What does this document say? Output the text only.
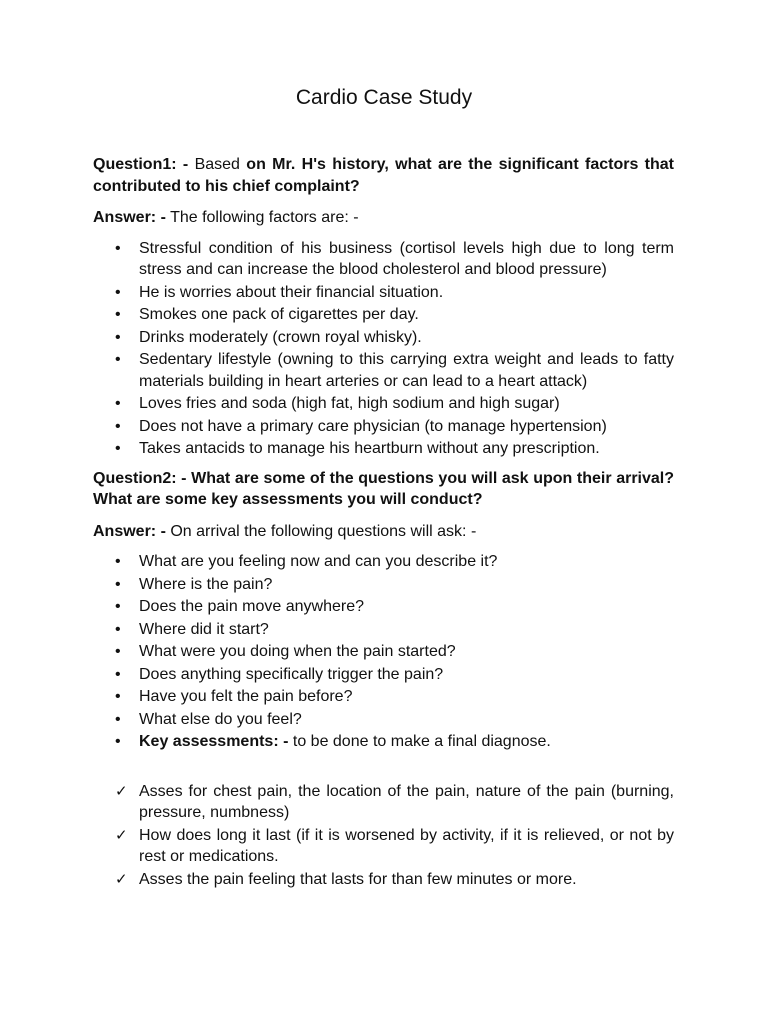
Cardio Case Study

Question1: - Based on Mr. H's history, what are the significant factors that contributed to his chief complaint?

Answer: - The following factors are: -

• Stressful condition of his business (cortisol levels high due to long term stress and can increase the blood cholesterol and blood pressure)
• He is worries about their financial situation.
• Smokes one pack of cigarettes per day.
• Drinks moderately (crown royal whisky).
• Sedentary lifestyle (owning to this carrying extra weight and leads to fatty materials building in heart arteries or can lead to a heart attack)
• Loves fries and soda (high fat, high sodium and high sugar)
• Does not have a primary care physician (to manage hypertension)
• Takes antacids to manage his heartburn without any prescription.

Question2: - What are some of the questions you will ask upon their arrival? What are some key assessments you will conduct?

Answer: - On arrival the following questions will ask: -

• What are you feeling now and can you describe it?
• Where is the pain?
• Does the pain move anywhere?
• Where did it start?
• What were you doing when the pain started?
• Does anything specifically trigger the pain?
• Have you felt the pain before?
• What else do you feel?
• Key assessments: - to be done to make a final diagnose.
✓ Asses for chest pain, the location of the pain, nature of the pain (burning, pressure, numbness)
✓ How does long it last (if it is worsened by activity, if it is relieved, or not by rest or medications.
✓ Asses the pain feeling that lasts for than few minutes or more.
